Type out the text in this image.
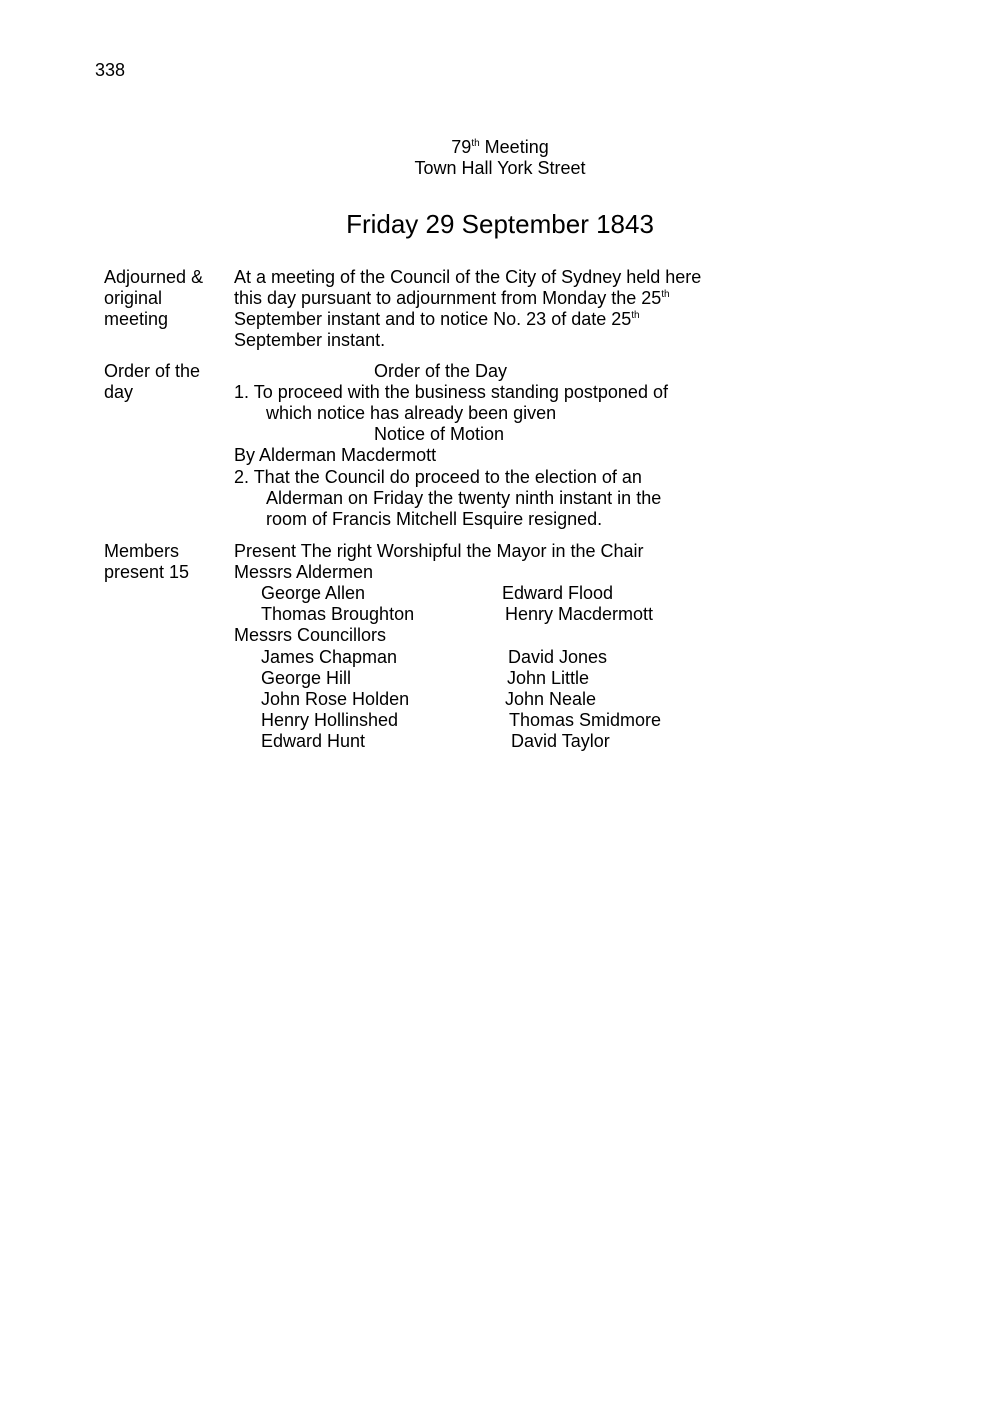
338
79th Meeting
Town Hall York Street
Friday 29 September 1843
Adjourned &
original
meeting
At a meeting of the Council of the City of Sydney held here
this day pursuant to adjournment from Monday the 25th
September instant and to notice No. 23 of date 25th
September instant.
Order of the
day
Order of the Day
1. To proceed with the business standing postponed of
which notice has already been given
Notice of Motion
By Alderman Macdermott
2. That the Council do proceed to the election of an
Alderman on Friday the twenty ninth instant in the
room of Francis Mitchell Esquire resigned.
Members
present 15
Present The right Worshipful the Mayor in the Chair
Messrs Aldermen
George Allen	Edward Flood
Thomas Broughton	Henry Macdermott
Messrs Councillors
James Chapman	David Jones
George Hill	John Little
John Rose Holden	John Neale
Henry Hollinshed	Thomas Smidmore
Edward Hunt	David Taylor
